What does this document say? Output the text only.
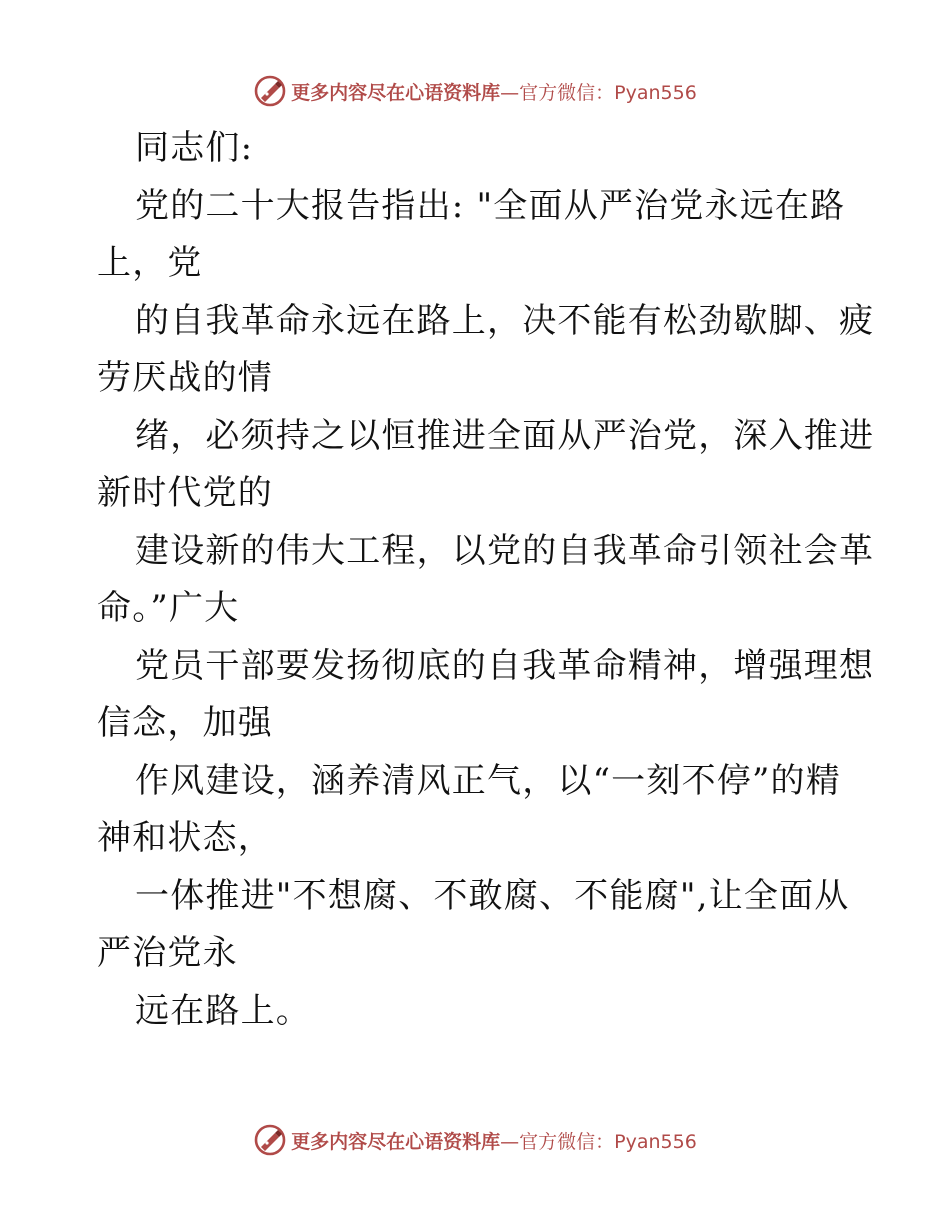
更多内容尽在心语资料库—官方微信：Pyan556
同志们:
党的二十大报告指出: "全面从严治党永远在路
上，党
的自我革命永远在路上，决不能有松劲歇脚、疲
劳厌战的情
绪，必须持之以恒推进全面从严治党，深入推进
新时代党的
建设新的伟大工程，以党的自我革命引领社会革
命。”广大
党员干部要发扬彻底的自我革命精神，增强理想
信念，加强
作风建设，涵养清风正气，以“一刻不停”的精
神和状态，
一体推进"不想腐、不敢腐、不能腐",让全面从
严治党永
远在路上。
更多内容尽在心语资料库—官方微信：Pyan556
